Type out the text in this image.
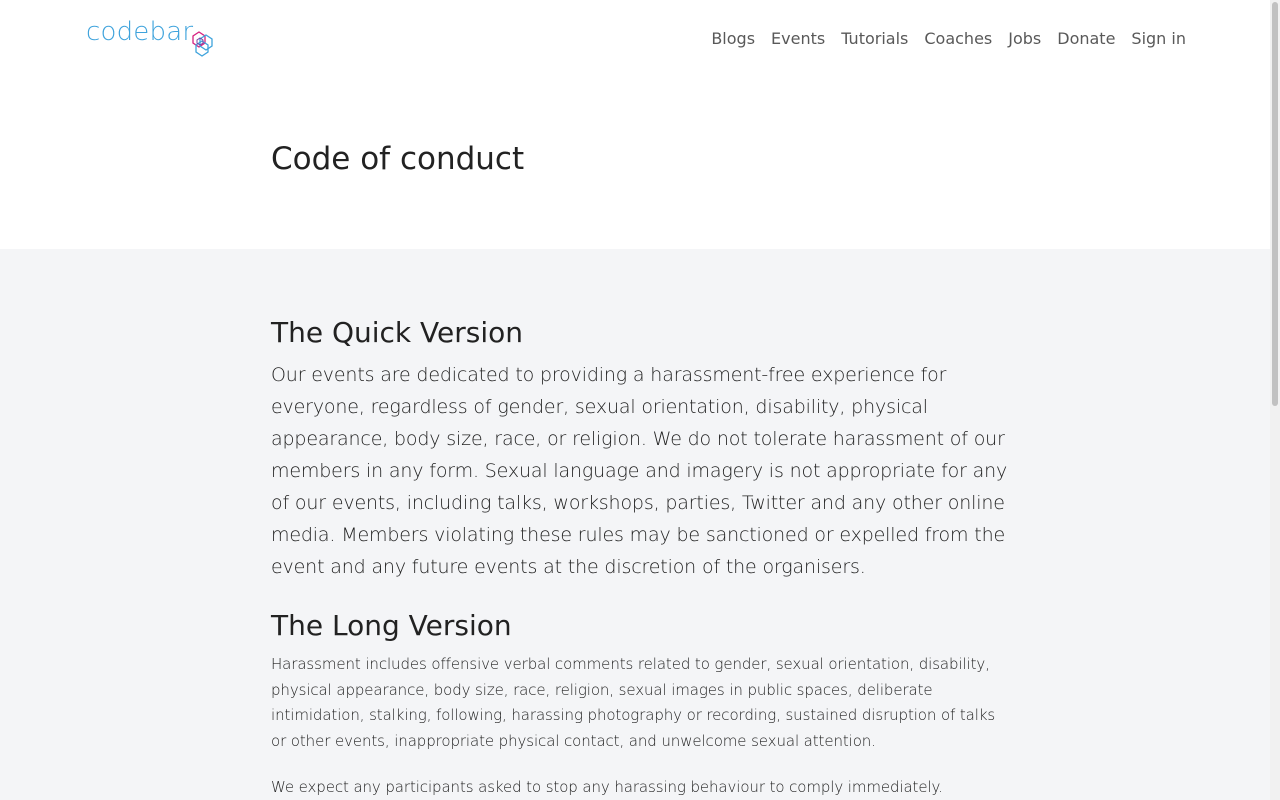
codebar	Blogs Events Tutorials Coaches Jobs Donate Sign in
Code of conduct
The Quick Version

Our events are dedicated to providing a harassment-free experience for everyone, regardless of gender, sexual orientation, disability, physical appearance, body size, race, or religion. We do not tolerate harassment of our members in any form. Sexual language and imagery is not appropriate for any of our events, including talks, workshops, parties, Twitter and any other online media. Members violating these rules may be sanctioned or expelled from the event and any future events at the discretion of the organisers.

The Long Version

Harassment includes offensive verbal comments related to gender, sexual orientation, disability, physical appearance, body size, race, religion, sexual images in public spaces, deliberate intimidation, stalking, following, harassing photography or recording, sustained disruption of talks or other events, inappropriate physical contact, and unwelcome sexual attention.

We expect any participants asked to stop any harassing behaviour to comply immediately.
